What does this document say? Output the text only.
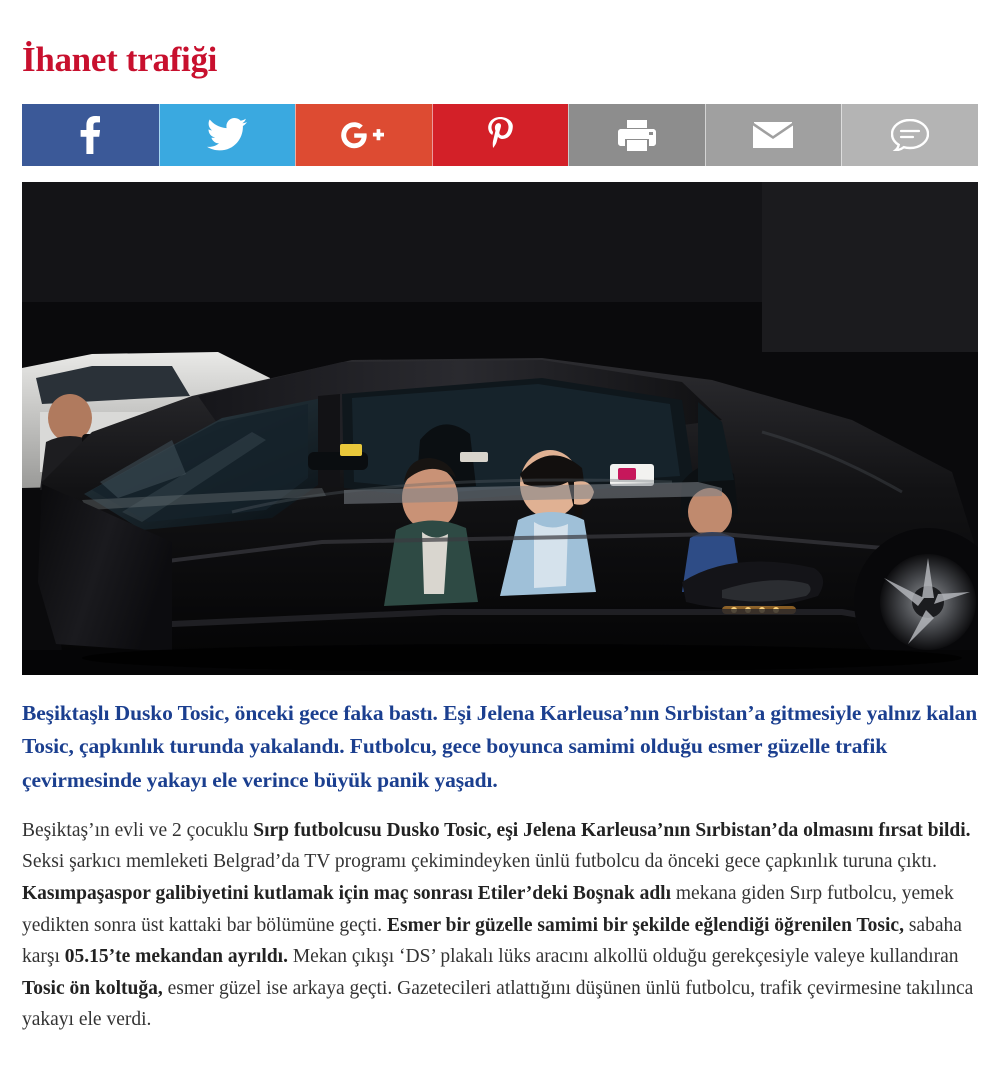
İhanet trafiği

Beşiktaşlı Dusko Tosic, önceki gece faka bastı. Eşi Jelena Karleusa’nın Sırbistan’a gitmesiyle yalnız kalan Tosic, çapkınlık turunda yakalandı. Futbolcu, gece boyunca samimi olduğu esmer güzelle trafik çevirmesinde yakayı ele verince büyük panik yaşadı.

Beşiktaş’ın evli ve 2 çocuklu Sırp futbolcusu Dusko Tosic, eşi Jelena Karleusa’nın Sırbistan’da olmasını fırsat bildi. Seksi şarkıcı memleketi Belgrad’da TV programı çekimindeyken ünlü futbolcu da önceki gece çapkınlık turuna çıktı. Kasımpaşaspor galibiyetini kutlamak için maç sonrası Etiler’deki Boşnak adlı mekana giden Sırp futbolcu, yemek yedikten sonra üst kattaki bar bölümüne geçti. Esmer bir güzelle samimi bir şekilde eğlendiği öğrenilen Tosic, sabaha karşı 05.15’te mekandan ayrıldı. Mekan çıkışı ‘DS’ plakalı lüks aracını alkollü olduğu gerekçesiyle valeye kullandıran Tosic ön koltuğa, esmer güzel ise arkaya geçti. Gazetecileri atlattığını düşünen ünlü futbolcu, trafik çevirmesine takılınca yakayı ele verdi.
